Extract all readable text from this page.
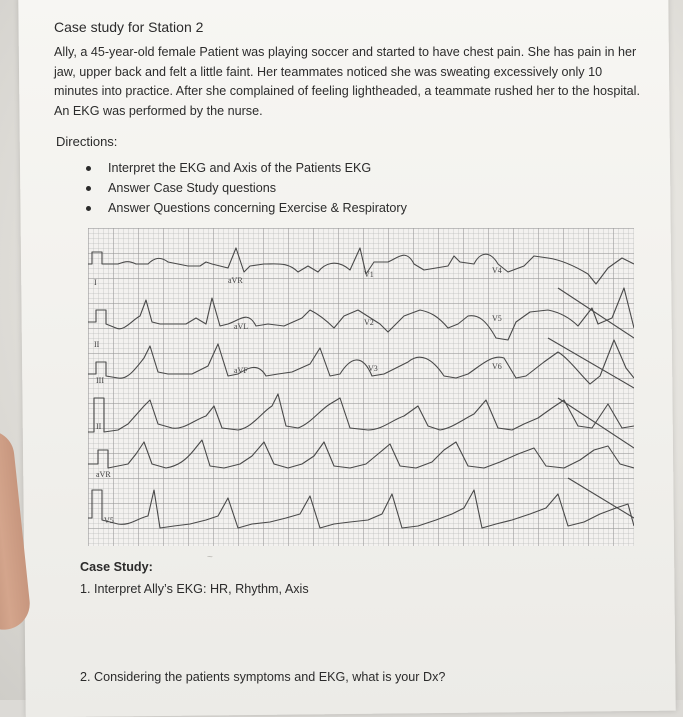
Case study for Station 2
Ally, a 45-year-old female Patient was playing soccer and started to have chest pain. She has pain in her jaw, upper back and felt a little faint. Her teammates noticed she was sweating excessively only 10 minutes into practice. After she complained of feeling lightheaded, a teammate rushed her to the hospital. An EKG was performed by the nurse.
Directions:
Interpret the EKG and Axis of the Patients EKG
Answer Case Study questions
Answer Questions concerning Exercise & Respiratory
I	aVR
V1	V4
II
aVL	V2	V5
III
aVF	V3	V6
II
aVR
V5
~
Case Study:
1. Interpret Ally’s EKG: HR, Rhythm, Axis
2. Considering the patients symptoms and EKG, what is your Dx?
